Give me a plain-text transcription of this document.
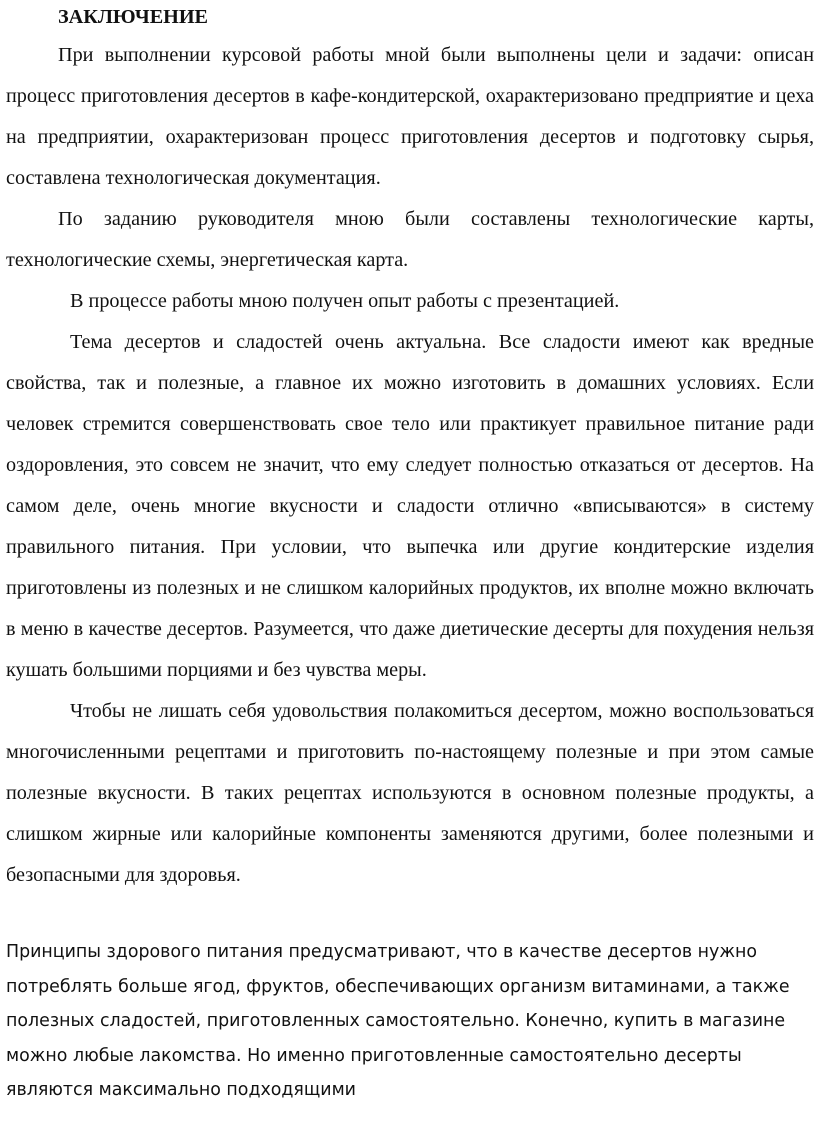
ЗАКЛЮЧЕНИЕ

При выполнении курсовой работы мной были выполнены цели и задачи: описан процесс приготовления десертов в кафе-кондитерской, охарактеризовано предприятие и цеха на предприятии, охарактеризован процесс приготовления десертов и подготовку сырья, составлена технологическая документация.

По заданию руководителя мною были составлены технологические карты, технологические схемы, энергетическая карта.

В процессе работы мною получен опыт работы с презентацией.

Тема десертов и сладостей очень актуальна. Все сладости имеют как вредные свойства, так и полезные, а главное их можно изготовить в домашних условиях. Если человек стремится совершенствовать свое тело или практикует правильное питание ради оздоровления, это совсем не значит, что ему следует полностью отказаться от десертов. На самом деле, очень многие вкусности и сладости отлично «вписываются» в систему правильного питания. При условии, что выпечка или другие кондитерские изделия приготовлены из полезных и не слишком калорийных продуктов, их вполне можно включать в меню в качестве десертов. Разумеется, что даже диетические десерты для похудения нельзя кушать большими порциями и без чувства меры.

Чтобы не лишать себя удовольствия полакомиться десертом, можно воспользоваться многочисленными рецептами и приготовить по-настоящему полезные и при этом самые полезные вкусности. В таких рецептах используются в основном полезные продукты, а слишком жирные или калорийные компоненты заменяются другими, более полезными и безопасными для здоровья.

Принципы здорового питания предусматривают, что в качестве десертов нужно потреблять больше ягод, фруктов, обеспечивающих организм витаминами, а также полезных сладостей, приготовленных самостоятельно. Конечно, купить в магазине можно любые лакомства. Но именно приготовленные самостоятельно десерты являются максимально подходящими
